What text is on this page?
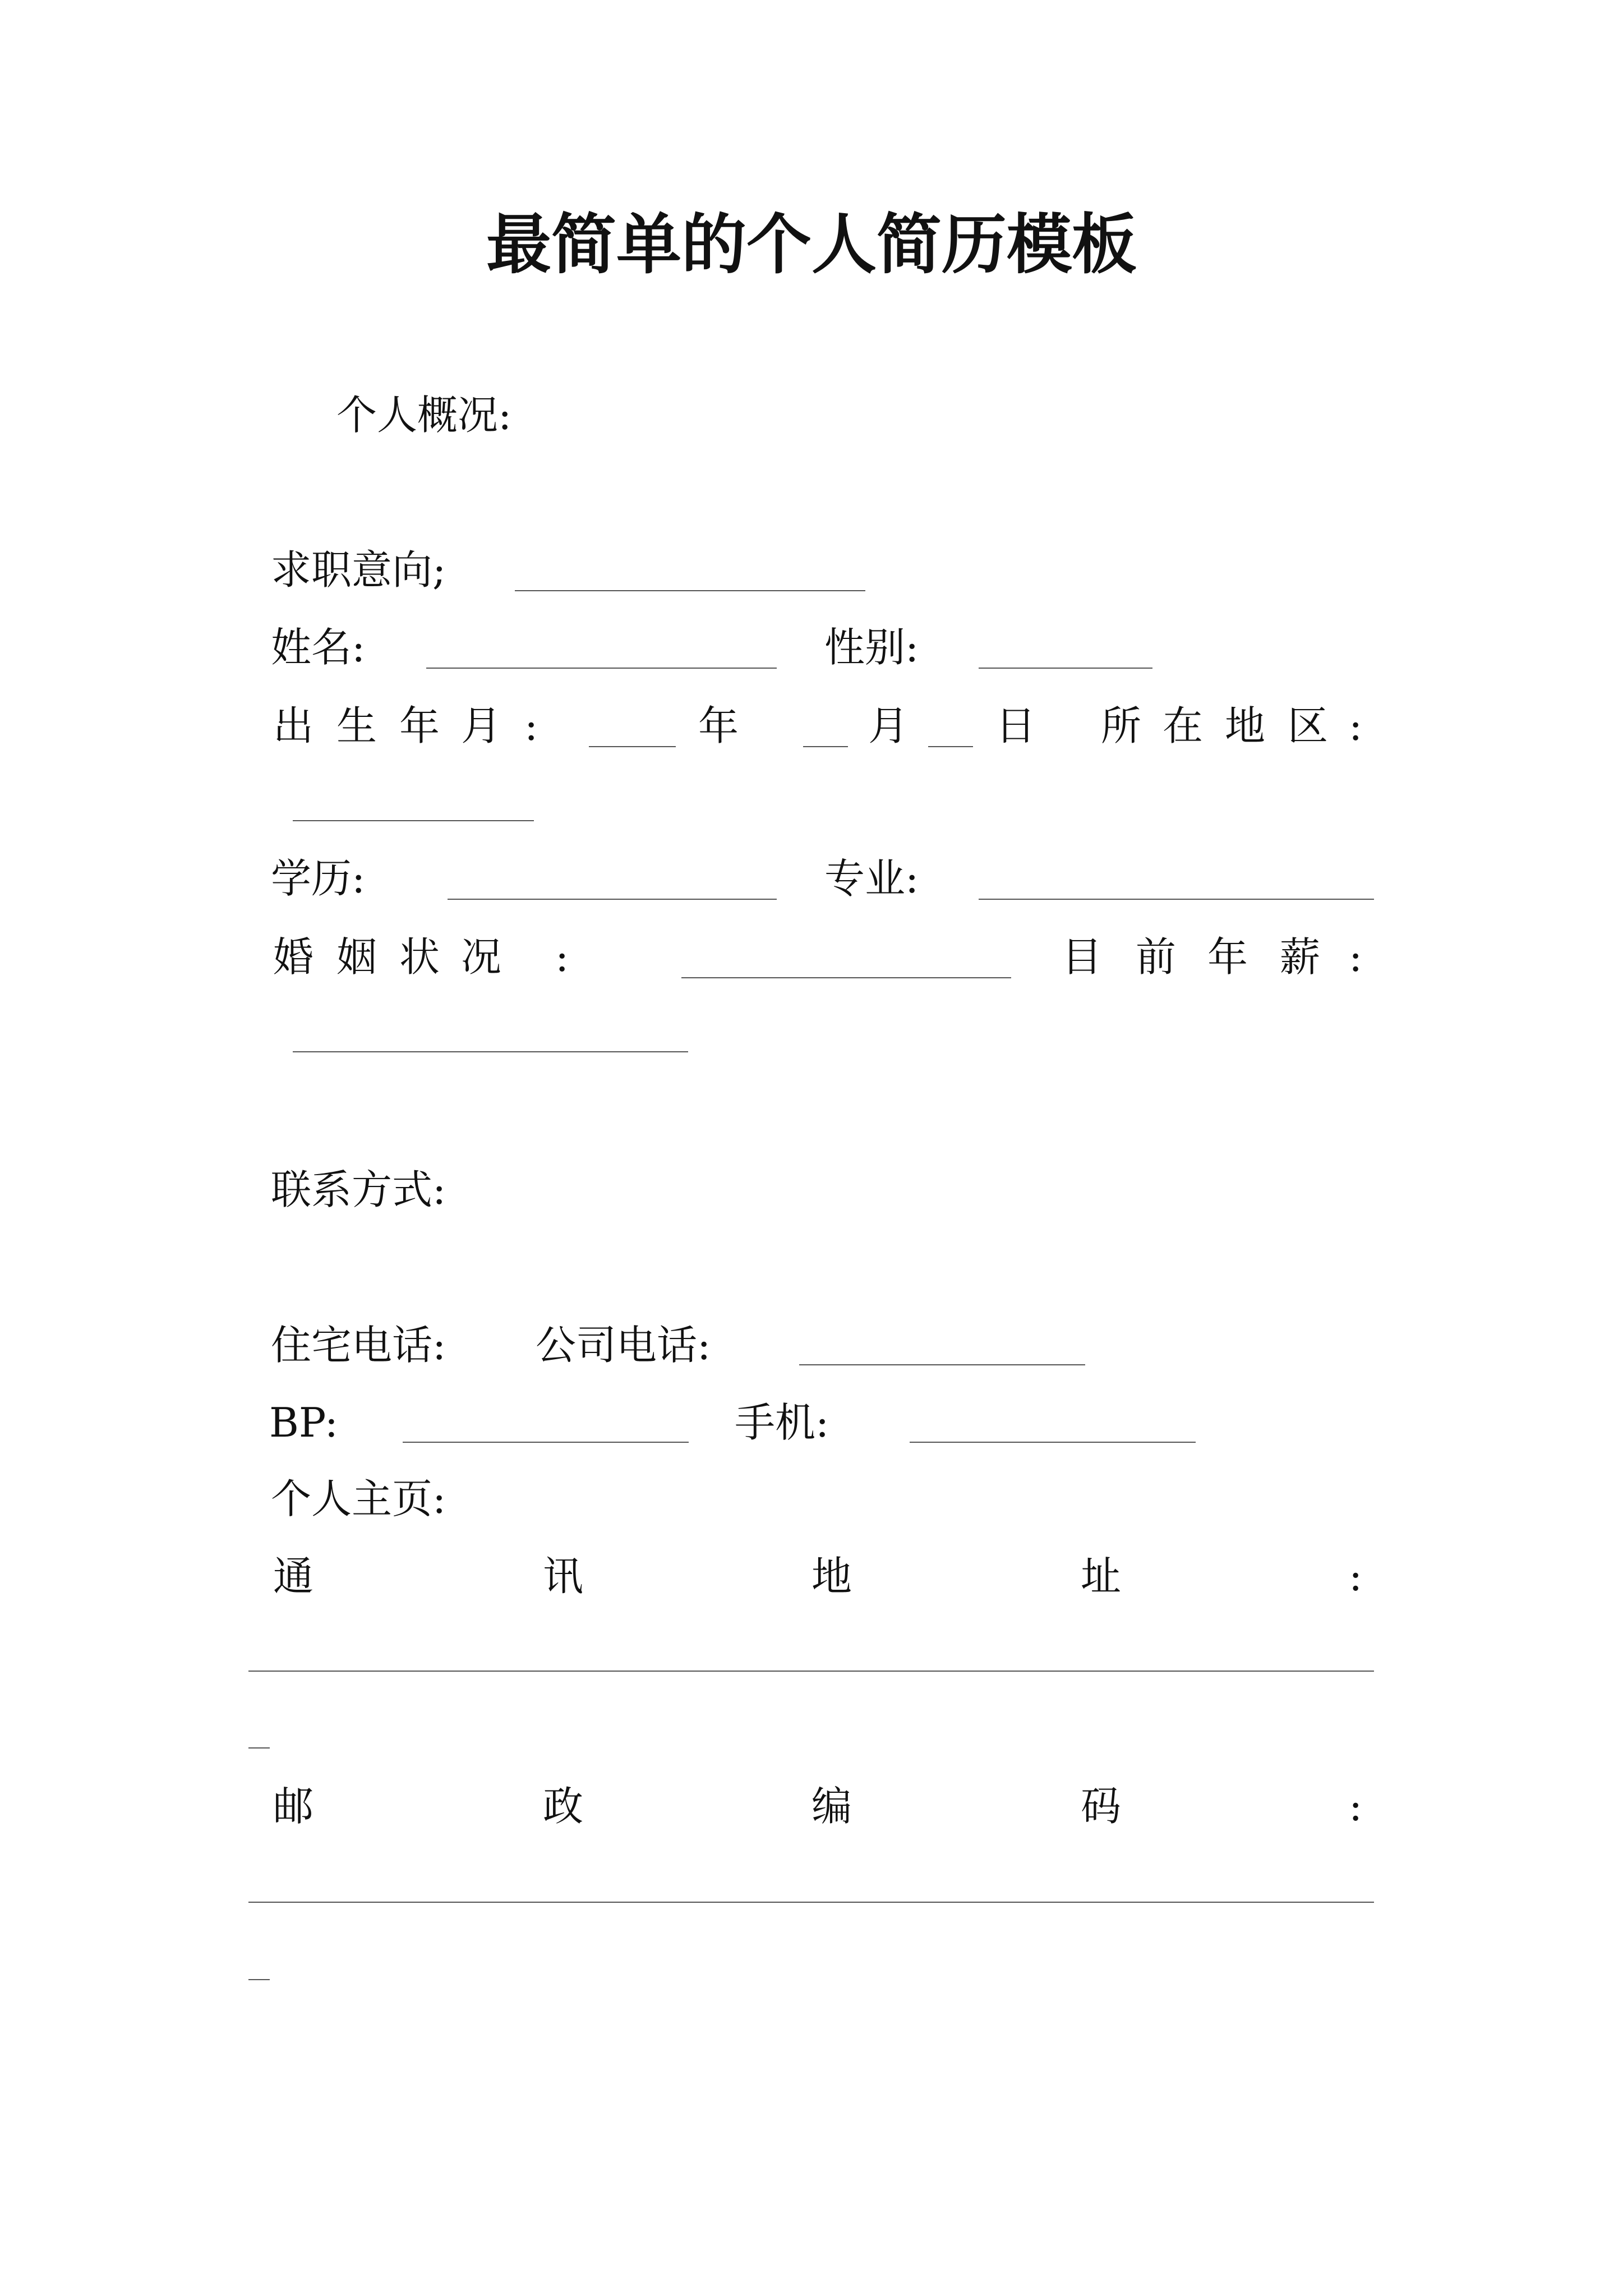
最简单的个人简历模板
个人概况:
求职意向;
姓名:	性别:
出 生 年 月 :	年	月 日 所 在 地 区 :
学历:	专业:
婚 姻 状 况 :	目 前 年 薪 :
联系方式:
住宅电话: 公司电话:
BP:	手机:
个人主页:
通	讯	地	址	:
邮	政	编	码	:
